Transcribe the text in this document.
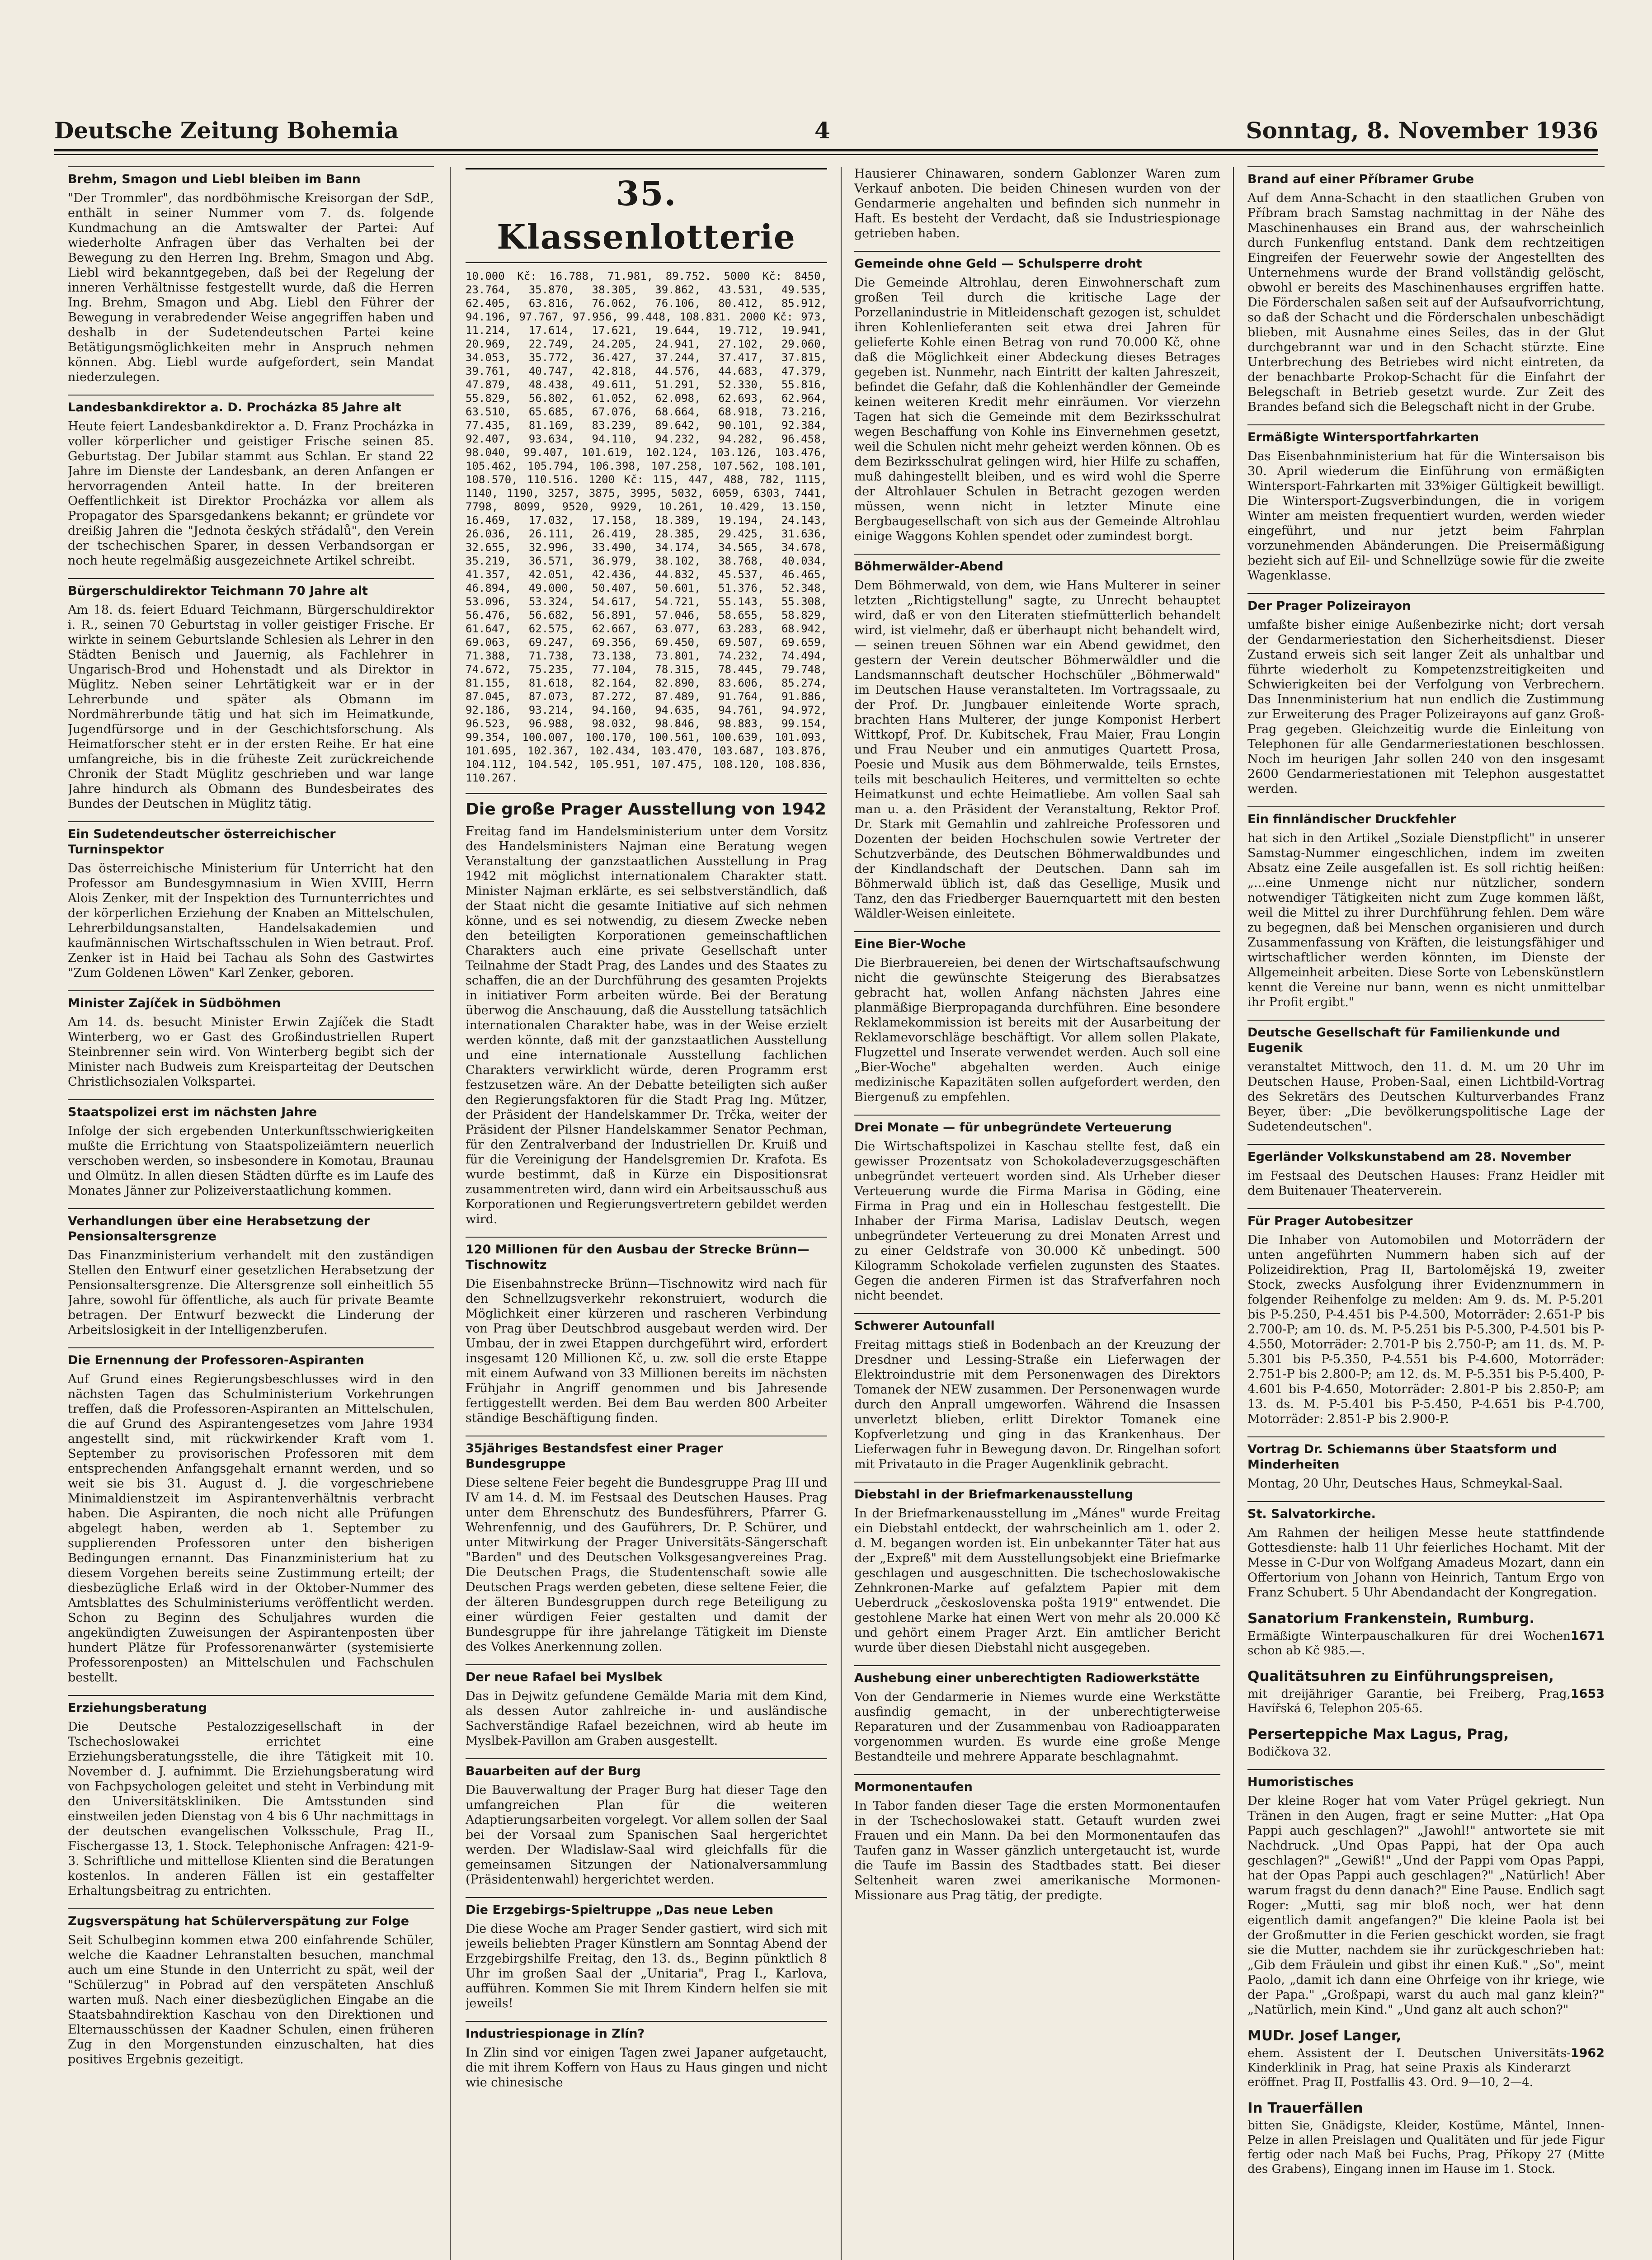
Deutsche Zeitung Bohemia	4	Sonntag, 8. November 1936
Brehm, Smagon und Liebl bleiben im Bann

"Der Trommler", das nordböhmische Kreisorgan der SdP., enthält in seiner Nummer vom 7. ds. folgende Kundmachung an die Amtswalter der Partei: Auf wiederholte Anfragen über das Verhalten bei der Bewegung zu den Herren Ing. Brehm, Smagon und Abg. Liebl wird bekanntgegeben, daß bei der Regelung der inneren Verhältnisse festgestellt wurde, daß die Herren Ing. Brehm, Smagon und Abg. Liebl den Führer der Bewegung in verabredender Weise angegriffen haben und deshalb in der Sudetendeutschen Partei keine Betätigungsmöglichkeiten mehr in Anspruch nehmen können. Abg. Liebl wurde aufgefordert, sein Mandat niederzulegen.

Landesbankdirektor a. D. Procházka 85 Jahre alt

Heute feiert Landesbankdirektor a. D. Franz Procházka in voller körperlicher und geistiger Frische seinen 85. Geburtstag. Der Jubilar stammt aus Schlan. Er stand 22 Jahre im Dienste der Landesbank, an deren Anfangen er hervorragenden Anteil hatte. In der breiteren Oeffentlichkeit ist Direktor Procházka vor allem als Propagator des Sparsgedankens bekannt; er gründete vor dreißig Jahren die "Jednota českých střádalů", den Verein der tschechischen Sparer, in dessen Verbandsorgan er noch heute regelmäßig ausgezeichnete Artikel schreibt.

Bürgerschuldirektor Teichmann 70 Jahre alt

Am 18. ds. feiert Eduard Teichmann, Bürgerschuldirektor i. R., seinen 70 Geburtstag in voller geistiger Frische. Er wirkte in seinem Geburtslande Schlesien als Lehrer in den Städten Benisch und Jauernig, als Fachlehrer in Ungarisch-Brod und Hohenstadt und als Direktor in Müglitz. Neben seiner Lehrtätigkeit war er in der Lehrerbunde und später als Obmann im Nordmährerbunde tätig und hat sich im Heimatkunde, Jugendfürsorge und in der Geschichtsforschung. Als Heimatforscher steht er in der ersten Reihe. Er hat eine umfangreiche, bis in die früheste Zeit zurückreichende Chronik der Stadt Müglitz geschrieben und war lange Jahre hindurch als Obmann des Bundesbeirates des Bundes der Deutschen in Müglitz tätig.

Ein Sudetendeutscher österreichischer Turninspektor

Das österreichische Ministerium für Unterricht hat den Professor am Bundesgymnasium in Wien XVIII, Herrn Alois Zenker, mit der Inspektion des Turnunterrichtes und der körperlichen Erziehung der Knaben an Mittelschulen, Lehrerbildungsanstalten, Handelsakademien und kaufmännischen Wirtschaftsschulen in Wien betraut. Prof. Zenker ist in Haid bei Tachau als Sohn des Gastwirtes "Zum Goldenen Löwen" Karl Zenker, geboren.

Minister Zajíček in Südböhmen

Am 14. ds. besucht Minister Erwin Zajíček die Stadt Winterberg, wo er Gast des Großindustriellen Rupert Steinbrenner sein wird. Von Winterberg begibt sich der Minister nach Budweis zum Kreisparteitag der Deutschen Christlichsozialen Volkspartei.

Staatspolizei erst im nächsten Jahre

Infolge der sich ergebenden Unterkunftsschwierigkeiten mußte die Errichtung von Staatspolizeiämtern neuerlich verschoben werden, so insbesondere in Komotau, Braunau und Olmütz. In allen diesen Städten dürfte es im Laufe des Monates Jänner zur Polizeiverstaatlichung kommen.

Verhandlungen über eine Herabsetzung der Pensionsaltersgrenze

Das Finanzministerium verhandelt mit den zuständigen Stellen den Entwurf einer gesetzlichen Herabsetzung der Pensionsaltersgrenze. Die Altersgrenze soll einheitlich 55 Jahre, sowohl für öffentliche, als auch für private Beamte betragen. Der Entwurf bezweckt die Linderung der Arbeitslosigkeit in der Intelligenzberufen.

Die Ernennung der Professoren-Aspiranten

Auf Grund eines Regierungsbeschlusses wird in den nächsten Tagen das Schulministerium Vorkehrungen treffen, daß die Professoren-Aspiranten an Mittelschulen, die auf Grund des Aspirantengesetzes vom Jahre 1934 angestellt sind, mit rückwirkender Kraft vom 1. September zu provisorischen Professoren mit dem entsprechenden Anfangsgehalt ernannt werden, und so weit sie bis 31. August d. J. die vorgeschriebene Minimaldienstzeit im Aspirantenverhältnis verbracht haben. Die Aspiranten, die noch nicht alle Prüfungen abgelegt haben, werden ab 1. September zu supplierenden Professoren unter den bisherigen Bedingungen ernannt. Das Finanzministerium hat zu diesem Vorgehen bereits seine Zustimmung erteilt; der diesbezügliche Erlaß wird in der Oktober-Nummer des Amtsblattes des Schulministeriums veröffentlicht werden. Schon zu Beginn des Schuljahres wurden die angekündigten Zuweisungen der Aspirantenposten über hundert Plätze für Professorenanwärter (systemisierte Professorenposten) an Mittelschulen und Fachschulen bestellt.

Erziehungsberatung

Die Deutsche Pestalozzigesellschaft in der Tschechoslowakei errichtet eine Erziehungsberatungsstelle, die ihre Tätigkeit mit 10. November d. J. aufnimmt. Die Erziehungsberatung wird von Fachpsychologen geleitet und steht in Verbindung mit den Universitätskliniken. Die Amtsstunden sind einstweilen jeden Dienstag von 4 bis 6 Uhr nachmittags in der deutschen evangelischen Volksschule, Prag II., Fischergasse 13, 1. Stock. Telephonische Anfragen: 421-9-3. Schriftliche und mittellose Klienten sind die Beratungen kostenlos. In anderen Fällen ist ein gestaffelter Erhaltungsbeitrag zu entrichten.

Zugsverspätung hat Schülerverspätung zur Folge

Seit Schulbeginn kommen etwa 200 einfahrende Schüler, welche die Kaadner Lehranstalten besuchen, manchmal auch um eine Stunde in den Unterricht zu spät, weil der "Schülerzug" in Pobrad auf den verspäteten Anschluß warten muß. Nach einer diesbezüglichen Eingabe an die Staatsbahndirektion Kaschau von den Direktionen und Elternausschüssen der Kaadner Schulen, einen früheren Zug in den Morgenstunden einzuschalten, hat dies positives Ergebnis gezeitigt.

35. Klassenlotterie

10.000 Kč: 16.788, 71.981, 89.752. 5000 Kč: 8450, 23.764, 35.870, 38.305, 39.862, 43.531, 49.535, 62.405, 63.816, 76.062, 76.106, 80.412, 85.912, 94.196, 97.767, 97.956, 99.448, 108.831. 2000 Kč: 973, 11.214, 17.614, 17.621, 19.644, 19.712, 19.941, 20.969, 22.749, 24.205, 24.941, 27.102, 29.060, 34.053, 35.772, 36.427, 37.244, 37.417, 37.815, 39.761, 40.747, 42.818, 44.576, 44.683, 47.379, 47.879, 48.438, 49.611, 51.291, 52.330, 55.816, 55.829, 56.802, 61.052, 62.098, 62.693, 62.964, 63.510, 65.685, 67.076, 68.664, 68.918, 73.216, 77.435, 81.169, 83.239, 89.642, 90.101, 92.384, 92.407, 93.634, 94.110, 94.232, 94.282, 96.458, 98.040, 99.407, 101.619, 102.124, 103.126, 103.476, 105.462, 105.794, 106.398, 107.258, 107.562, 108.101, 108.570, 110.516. 1200 Kč: 115, 447, 488, 782, 1115, 1140, 1190, 3257, 3875, 3995, 5032, 6059, 6303, 7441, 7798, 8099, 9520, 9929, 10.261, 10.429, 13.150, 16.469, 17.032, 17.158, 18.389, 19.194, 24.143, 26.036, 26.111, 26.419, 28.385, 29.425, 31.636, 32.655, 32.996, 33.490, 34.174, 34.565, 34.678, 35.219, 36.571, 36.979, 38.102, 38.768, 40.034, 41.357, 42.051, 42.436, 44.832, 45.537, 46.465, 46.894, 49.000, 50.407, 50.601, 51.376, 52.348, 53.096, 53.324, 54.617, 54.721, 55.143, 55.308, 56.476, 56.682, 56.891, 57.046, 58.655, 58.829, 61.647, 62.575, 62.667, 63.077, 63.283, 68.942, 69.063, 69.247, 69.356, 69.450, 69.507, 69.659, 71.388, 71.738, 73.138, 73.801, 74.232, 74.494, 74.672, 75.235, 77.104, 78.315, 78.445, 79.748, 81.155, 81.618, 82.164, 82.890, 83.606, 85.274, 87.045, 87.073, 87.272, 87.489, 91.764, 91.886, 92.186, 93.214, 94.160, 94.635, 94.761, 94.972, 96.523, 96.988, 98.032, 98.846, 98.883, 99.154, 99.354, 100.007, 100.170, 100.561, 100.639, 101.093, 101.695, 102.367, 102.434, 103.470, 103.687, 103.876, 104.112, 104.542, 105.951, 107.475, 108.120, 108.836, 110.267.

Die große Prager Ausstellung von 1942

Freitag fand im Handelsministerium unter dem Vorsitz des Handelsministers Najman eine Beratung wegen Veranstaltung der ganzstaatlichen Ausstellung in Prag 1942 mit möglichst internationalem Charakter statt. Minister Najman erklärte, es sei selbstverständlich, daß der Staat nicht die gesamte Initiative auf sich nehmen könne, und es sei notwendig, zu diesem Zwecke neben den beteiligten Korporationen gemeinschaftlichen Charakters auch eine private Gesellschaft unter Teilnahme der Stadt Prag, des Landes und des Staates zu schaffen, die an der Durchführung des gesamten Projekts in initiativer Form arbeiten würde. Bei der Beratung überwog die Anschauung, daß die Ausstellung tatsächlich internationalen Charakter habe, was in der Weise erzielt werden könnte, daß mit der ganzstaatlichen Ausstellung und eine internationale Ausstellung fachlichen Charakters verwirklicht würde, deren Programm erst festzusetzen wäre. An der Debatte beteiligten sich außer den Regierungsfaktoren für die Stadt Prag Ing. Műtzer, der Präsident der Handelskammer Dr. Trčka, weiter der Präsident der Pilsner Handelskammer Senator Pechman, für den Zentralverband der Industriellen Dr. Kruiß und für die Vereinigung der Handelsgremien Dr. Krafota. Es wurde bestimmt, daß in Kürze ein Dispositionsrat zusammentreten wird, dann wird ein Arbeitsausschuß aus Korporationen und Regierungsvertretern gebildet werden wird.

120 Millionen für den Ausbau der Strecke Brünn—Tischnowitz

Die Eisenbahnstrecke Brünn—Tischnowitz wird nach für den Schnellzugsverkehr rekonstruiert, wodurch die Möglichkeit einer kürzeren und rascheren Verbindung von Prag über Deutschbrod ausgebaut werden wird. Der Umbau, der in zwei Etappen durchgeführt wird, erfordert insgesamt 120 Millionen Kč, u. zw. soll die erste Etappe mit einem Aufwand von 33 Millionen bereits im nächsten Frühjahr in Angriff genommen und bis Jahresende fertiggestellt werden. Bei dem Bau werden 800 Arbeiter ständige Beschäftigung finden.

35jähriges Bestandsfest einer Prager Bundesgruppe

Diese seltene Feier begeht die Bundesgruppe Prag III und IV am 14. d. M. im Festsaal des Deutschen Hauses. Prag unter dem Ehrenschutz des Bundesführers, Pfarrer G. Wehrenfennig, und des Gauführers, Dr. P. Schürer, und unter Mitwirkung der Prager Universitäts-Sängerschaft "Barden" und des Deutschen Volksgesangvereines Prag. Die Deutschen Prags, die Studentenschaft sowie alle Deutschen Prags werden gebeten, diese seltene Feier, die der älteren Bundesgruppen durch rege Beteiligung zu einer würdigen Feier gestalten und damit der Bundesgruppe für ihre jahrelange Tätigkeit im Dienste des Volkes Anerkennung zollen.

Der neue Rafael bei Myslbek

Das in Dejwitz gefundene Gemälde Maria mit dem Kind, als dessen Autor zahlreiche in- und ausländische Sachverständige Rafael bezeichnen, wird ab heute im Myslbek-Pavillon am Graben ausgestellt.

Bauarbeiten auf der Burg

Die Bauverwaltung der Prager Burg hat dieser Tage den umfangreichen Plan für die weiteren Adaptierungsarbeiten vorgelegt. Vor allem sollen der Saal bei der Vorsaal zum Spanischen Saal hergerichtet werden. Der Wladislaw-Saal wird gleichfalls für die gemeinsamen Sitzungen der Nationalversammlung (Präsidentenwahl) hergerichtet werden.

Die Erzgebirgs-Spieltruppe „Das neue Leben

Die diese Woche am Prager Sender gastiert, wird sich mit jeweils beliebten Prager Künstlern am Sonntag Abend der Erzgebirgshilfe Freitag, den 13. ds., Beginn pünktlich 8 Uhr im großen Saal der „Unitaria", Prag I., Karlova, aufführen. Kommen Sie mit Ihrem Kindern helfen sie mit jeweils!

Industriespionage in Zlín?

In Zlin sind vor einigen Tagen zwei Japaner aufgetaucht, die mit ihrem Koffern von Haus zu Haus gingen und nicht wie chinesische

Hausierer Chinawaren, sondern Gablonzer Waren zum Verkauf anboten. Die beiden Chinesen wurden von der Gendarmerie angehalten und befinden sich nunmehr in Haft. Es besteht der Verdacht, daß sie Industriespionage getrieben haben.

Gemeinde ohne Geld — Schulsperre droht

Die Gemeinde Altrohlau, deren Einwohnerschaft zum großen Teil durch die kritische Lage der Porzellanindustrie in Mitleidenschaft gezogen ist, schuldet ihren Kohlenlieferanten seit etwa drei Jahren für gelieferte Kohle einen Betrag von rund 70.000 Kč, ohne daß die Möglichkeit einer Abdeckung dieses Betrages gegeben ist. Nunmehr, nach Eintritt der kalten Jahreszeit, befindet die Gefahr, daß die Kohlenhändler der Gemeinde keinen weiteren Kredit mehr einräumen. Vor vierzehn Tagen hat sich die Gemeinde mit dem Bezirksschulrat wegen Beschaffung von Kohle ins Einvernehmen gesetzt, weil die Schulen nicht mehr geheizt werden können. Ob es dem Bezirksschulrat gelingen wird, hier Hilfe zu schaffen, muß dahingestellt bleiben, und es wird wohl die Sperre der Altrohlauer Schulen in Betracht gezogen werden müssen, wenn nicht in letzter Minute eine Bergbaugesellschaft von sich aus der Gemeinde Altrohlau einige Waggons Kohlen spendet oder zumindest borgt.

Böhmerwälder-Abend

Dem Böhmerwald, von dem, wie Hans Multerer in seiner letzten „Richtigstellung" sagte, zu Unrecht behauptet wird, daß er von den Literaten stiefmütterlich behandelt wird, ist vielmehr, daß er überhaupt nicht behandelt wird, — seinen treuen Söhnen war ein Abend gewidmet, den gestern der Verein deutscher Böhmerwäldler und die Landsmannschaft deutscher Hochschüler „Böhmerwald" im Deutschen Hause veranstalteten. Im Vortragssaale, zu der Prof. Dr. Jungbauer einleitende Worte sprach, brachten Hans Multerer, der junge Komponist Herbert Wittkopf, Prof. Dr. Kubitschek, Frau Maier, Frau Longin und Frau Neuber und ein anmutiges Quartett Prosa, Poesie und Musik aus dem Böhmerwalde, teils Ernstes, teils mit beschaulich Heiteres, und vermittelten so echte Heimatkunst und echte Heimatliebe. Am vollen Saal sah man u. a. den Präsident der Veranstaltung, Rektor Prof. Dr. Stark mit Gemahlin und zahlreiche Professoren und Dozenten der beiden Hochschulen sowie Vertreter der Schutzverbände, des Deutschen Böhmerwaldbundes und der Kindlandschaft der Deutschen. Dann sah im Böhmerwald üblich ist, daß das Gesellige, Musik und Tanz, den das Friedberger Bauernquartett mit den besten Wäldler-Weisen einleitete.

Eine Bier-Woche

Die Bierbrauereien, bei denen der Wirtschaftsaufschwung nicht die gewünschte Steigerung des Bierabsatzes gebracht hat, wollen Anfang nächsten Jahres eine planmäßige Bierpropaganda durchführen. Eine besondere Reklamekommission ist bereits mit der Ausarbeitung der Reklamevorschläge beschäftigt. Vor allem sollen Plakate, Flugzettel und Inserate verwendet werden. Auch soll eine „Bier-Woche" abgehalten werden. Auch einige medizinische Kapazitäten sollen aufgefordert werden, den Biergenuß zu empfehlen.

Drei Monate — für unbegründete Verteuerung

Die Wirtschaftspolizei in Kaschau stellte fest, daß ein gewisser Prozentsatz von Schokoladeverzugsgeschäften unbegründet verteuert worden sind. Als Urheber dieser Verteuerung wurde die Firma Marisa in Göding, eine Firma in Prag und ein in Holleschau festgestellt. Die Inhaber der Firma Marisa, Ladislav Deutsch, wegen unbegründeter Verteuerung zu drei Monaten Arrest und zu einer Geldstrafe von 30.000 Kč unbedingt. 500 Kilogramm Schokolade verfielen zugunsten des Staates. Gegen die anderen Firmen ist das Strafverfahren noch nicht beendet.

Schwerer Autounfall

Freitag mittags stieß in Bodenbach an der Kreuzung der Dresdner und Lessing-Straße ein Lieferwagen der Elektroindustrie mit dem Personenwagen des Direktors Tomanek der NEW zusammen. Der Personenwagen wurde durch den Anprall umgeworfen. Während die Insassen unverletzt blieben, erlitt Direktor Tomanek eine Kopfverletzung und ging in das Krankenhaus. Der Lieferwagen fuhr in Bewegung davon. Dr. Ringelhan sofort mit Privatauto in die Prager Augenklinik gebracht.

Diebstahl in der Briefmarkenausstellung

In der Briefmarkenausstellung im „Mánes" wurde Freitag ein Diebstahl entdeckt, der wahrscheinlich am 1. oder 2. d. M. begangen worden ist. Ein unbekannter Täter hat aus der „Expreß" mit dem Ausstellungsobjekt eine Briefmarke geschlagen und ausgeschnitten. Die tschechoslowakische Zehnkronen-Marke auf gefalztem Papier mit dem Ueberdruck „československa pošta 1919" entwendet. Die gestohlene Marke hat einen Wert von mehr als 20.000 Kč und gehört einem Prager Arzt. Ein amtlicher Bericht wurde über diesen Diebstahl nicht ausgegeben.

Aushebung einer unberechtigten Radiowerkstätte

Von der Gendarmerie in Niemes wurde eine Werkstätte ausfindig gemacht, in der unberechtigterweise Reparaturen und der Zusammenbau von Radioapparaten vorgenommen wurden. Es wurde eine große Menge Bestandteile und mehrere Apparate beschlagnahmt.

Mormonentaufen

In Tabor fanden dieser Tage die ersten Mormonentaufen in der Tschechoslowakei statt. Getauft wurden zwei Frauen und ein Mann. Da bei den Mormonentaufen das Taufen ganz in Wasser gänzlich untergetaucht ist, wurde die Taufe im Bassin des Stadtbades statt. Bei dieser Seltenheit waren zwei amerikanische Mormonen-Missionare aus Prag tätig, der predigte.

Brand auf einer Příbramer Grube

Auf dem Anna-Schacht in den staatlichen Gruben von Příbram brach Samstag nachmittag in der Nähe des Maschinenhauses ein Brand aus, der wahrscheinlich durch Funkenflug entstand. Dank dem rechtzeitigen Eingreifen der Feuerwehr sowie der Angestellten des Unternehmens wurde der Brand vollständig gelöscht, obwohl er bereits des Maschinenhauses ergriffen hatte. Die Förderschalen saßen seit auf der Aufsaufvorrichtung, so daß der Schacht und die Förderschalen unbeschädigt blieben, mit Ausnahme eines Seiles, das in der Glut durchgebrannt war und in den Schacht stürzte. Eine Unterbrechung des Betriebes wird nicht eintreten, da der benachbarte Prokop-Schacht für die Einfahrt der Belegschaft in Betrieb gesetzt wurde. Zur Zeit des Brandes befand sich die Belegschaft nicht in der Grube.

Ermäßigte Wintersportfahrkarten

Das Eisenbahnministerium hat für die Wintersaison bis 30. April wiederum die Einführung von ermäßigten Wintersport-Fahrkarten mit 33%iger Gültigkeit bewilligt. Die Wintersport-Zugsverbindungen, die in vorigem Winter am meisten frequentiert wurden, werden wieder eingeführt, und nur jetzt beim Fahrplan vorzunehmenden Abänderungen. Die Preisermäßigung bezieht sich auf Eil- und Schnellzüge sowie für die zweite Wagenklasse.

Der Prager Polizeirayon

umfaßte bisher einige Außenbezirke nicht; dort versah der Gendarmeriestation den Sicherheitsdienst. Dieser Zustand erweis sich seit langer Zeit als unhaltbar und führte wiederholt zu Kompetenzstreitigkeiten und Schwierigkeiten bei der Verfolgung von Verbrechern. Das Innenministerium hat nun endlich die Zustimmung zur Erweiterung des Prager Polizeirayons auf ganz Groß-Prag gegeben. Gleichzeitig wurde die Einleitung von Telephonen für alle Gendarmeriestationen beschlossen. Noch im heurigen Jahr sollen 240 von den insgesamt 2600 Gendarmeriestationen mit Telephon ausgestattet werden.

Ein finnländischer Druckfehler

hat sich in den Artikel „Soziale Dienstpflicht" in unserer Samstag-Nummer eingeschlichen, indem im zweiten Absatz eine Zeile ausgefallen ist. Es soll richtig heißen: „...eine Unmenge nicht nur nützlicher, sondern notwendiger Tätigkeiten nicht zum Zuge kommen läßt, weil die Mittel zu ihrer Durchführung fehlen. Dem wäre zu begegnen, daß bei Menschen organisieren und durch Zusammenfassung von Kräften, die leistungsfähiger und wirtschaftlicher werden könnten, im Dienste der Allgemeinheit arbeiten. Diese Sorte von Lebenskünstlern kennt die Vereine nur bann, wenn es nicht unmittelbar ihr Profit ergibt."

Deutsche Gesellschaft für Familienkunde und Eugenik

veranstaltet Mittwoch, den 11. d. M. um 20 Uhr im Deutschen Hause, Proben-Saal, einen Lichtbild-Vortrag des Sekretärs des Deutschen Kulturverbandes Franz Beyer, über: „Die bevölkerungspolitische Lage der Sudetendeutschen".

Egerländer Volkskunstabend am 28. November

im Festsaal des Deutschen Hauses: Franz Heidler mit dem Buitenauer Theaterverein.

Für Prager Autobesitzer

Die Inhaber von Automobilen und Motorrädern der unten angeführten Nummern haben sich auf der Polizeidirektion, Prag II, Bartolomějská 19, zweiter Stock, zwecks Ausfolgung ihrer Evidenznummern in folgender Reihenfolge zu melden: Am 9. ds. M. P-5.201 bis P-5.250, P-4.451 bis P-4.500, Motorräder: 2.651-P bis 2.700-P; am 10. ds. M. P-5.251 bis P-5.300, P-4.501 bis P-4.550, Motorräder: 2.701-P bis 2.750-P; am 11. ds. M. P-5.301 bis P-5.350, P-4.551 bis P-4.600, Motorräder: 2.751-P bis 2.800-P; am 12. ds. M. P-5.351 bis P-5.400, P-4.601 bis P-4.650, Motorräder: 2.801-P bis 2.850-P; am 13. ds. M. P-5.401 bis P-5.450, P-4.651 bis P-4.700, Motorräder: 2.851-P bis 2.900-P.

Vortrag Dr. Schiemanns über Staatsform und Minderheiten

Montag, 20 Uhr, Deutsches Haus, Schmeykal-Saal.

St. Salvatorkirche.

Am Rahmen der heiligen Messe heute stattfindende Gottesdienste: halb 11 Uhr feierliches Hochamt. Mit der Messe in C-Dur von Wolfgang Amadeus Mozart, dann ein Offertorium von Johann von Heinrich, Tantum Ergo von Franz Schubert. 5 Uhr Abendandacht der Kongregation.

Sanatorium Frankenstein, Rumburg.

Ermäßigte Winterpauschalkuren für drei Wochen schon ab Kč 985.—.

1671
Qualitätsuhren zu Einführungspreisen,

mit dreijähriger Garantie, bei Freiberg, Prag, Havířská 6, Telephon 205-65.

1653
Perserteppiche Max Lagus, Prag,

Bodičkova 32.

Humoristisches

Der kleine Roger hat vom Vater Prügel gekriegt. Nun Tränen in den Augen, fragt er seine Mutter: „Hat Opa Pappi auch geschlagen?" „Jawohl!" antwortete sie mit Nachdruck. „Und Opas Pappi, hat der Opa auch geschlagen?" „Gewiß!" „Und der Pappi vom Opas Pappi, hat der Opas Pappi auch geschlagen?" „Natürlich! Aber warum fragst du denn danach?" Eine Pause. Endlich sagt Roger: „Mutti, sag mir bloß noch, wer hat denn eigentlich damit angefangen?" Die kleine Paola ist bei der Großmutter in die Ferien geschickt worden, sie fragt sie die Mutter, nachdem sie ihr zurückgeschrieben hat: „Gib dem Fräulein und gibst ihr einen Kuß." „So", meint Paolo, „damit ich dann eine Ohrfeige von ihr kriege, wie der Papa." „Großpapi, warst du auch mal ganz klein?" „Natürlich, mein Kind." „Und ganz alt auch schon?"

MUDr. Josef Langer,

ehem. Assistent der I. Deutschen Universitäts-Kinderklinik in Prag, hat seine Praxis als Kinderarzt eröffnet. Prag II, Postfallis 43. Ord. 9—10, 2—4.

1962
In Trauerfällen

bitten Sie, Gnädigste, Kleider, Kostüme, Mäntel, Innen-Pelze in allen Preislagen und Qualitäten und für jede Figur fertig oder nach Maß bei Fuchs, Prag, Příkopy 27 (Mitte des Grabens), Eingang innen im Hause im 1. Stock.
